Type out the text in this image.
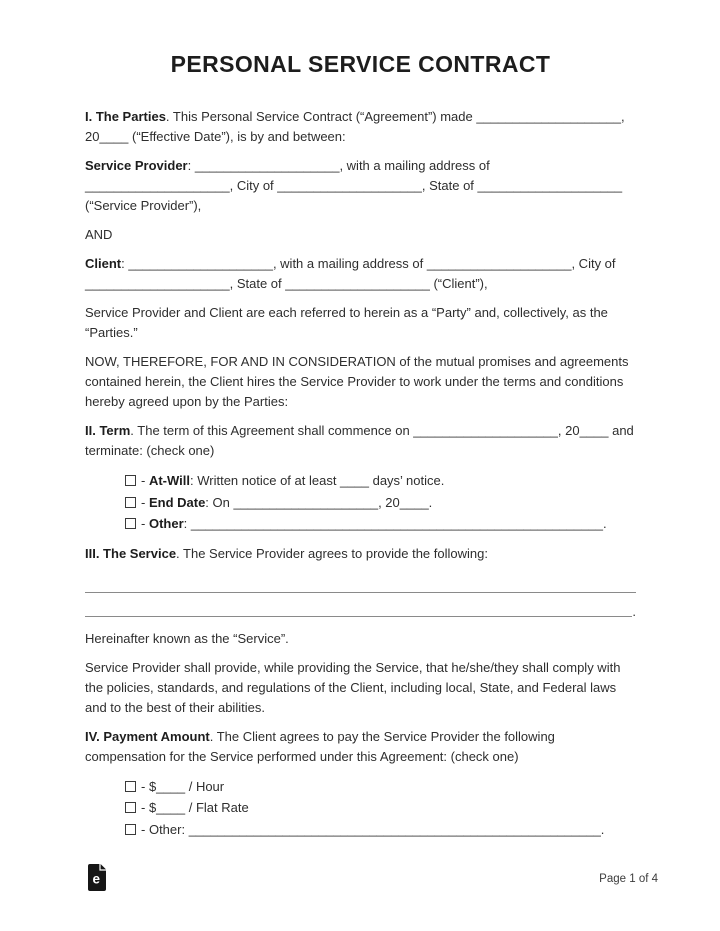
PERSONAL SERVICE CONTRACT

I. The Parties. This Personal Service Contract (“Agreement”) made ____________________, 20____ (“Effective Date”), is by and between:

Service Provider: ____________________, with a mailing address of ____________________, City of ____________________, State of ____________________ (“Service Provider”),

AND

Client: ____________________, with a mailing address of ____________________, City of ____________________, State of ____________________ (“Client”),

Service Provider and Client are each referred to herein as a “Party” and, collectively, as the “Parties.”

NOW, THEREFORE, FOR AND IN CONSIDERATION of the mutual promises and agreements contained herein, the Client hires the Service Provider to work under the terms and conditions hereby agreed upon by the Parties:

II. Term. The term of this Agreement shall commence on ____________________, 20____ and terminate: (check one)

- At-Will: Written notice of at least ____ days’ notice.
- End Date: On ____________________, 20____.
- Other: _________________________________________________________.

III. The Service. The Service Provider agrees to provide the following:

.

Hereinafter known as the “Service”.

Service Provider shall provide, while providing the Service, that he/she/they shall comply with the policies, standards, and regulations of the Client, including local, State, and Federal laws and to the best of their abilities.

IV. Payment Amount. The Client agrees to pay the Service Provider the following compensation for the Service performed under this Agreement: (check one)

- $____ / Hour
- $____ / Flat Rate
- Other: _________________________________________________________.
e	Page 1 of 4
